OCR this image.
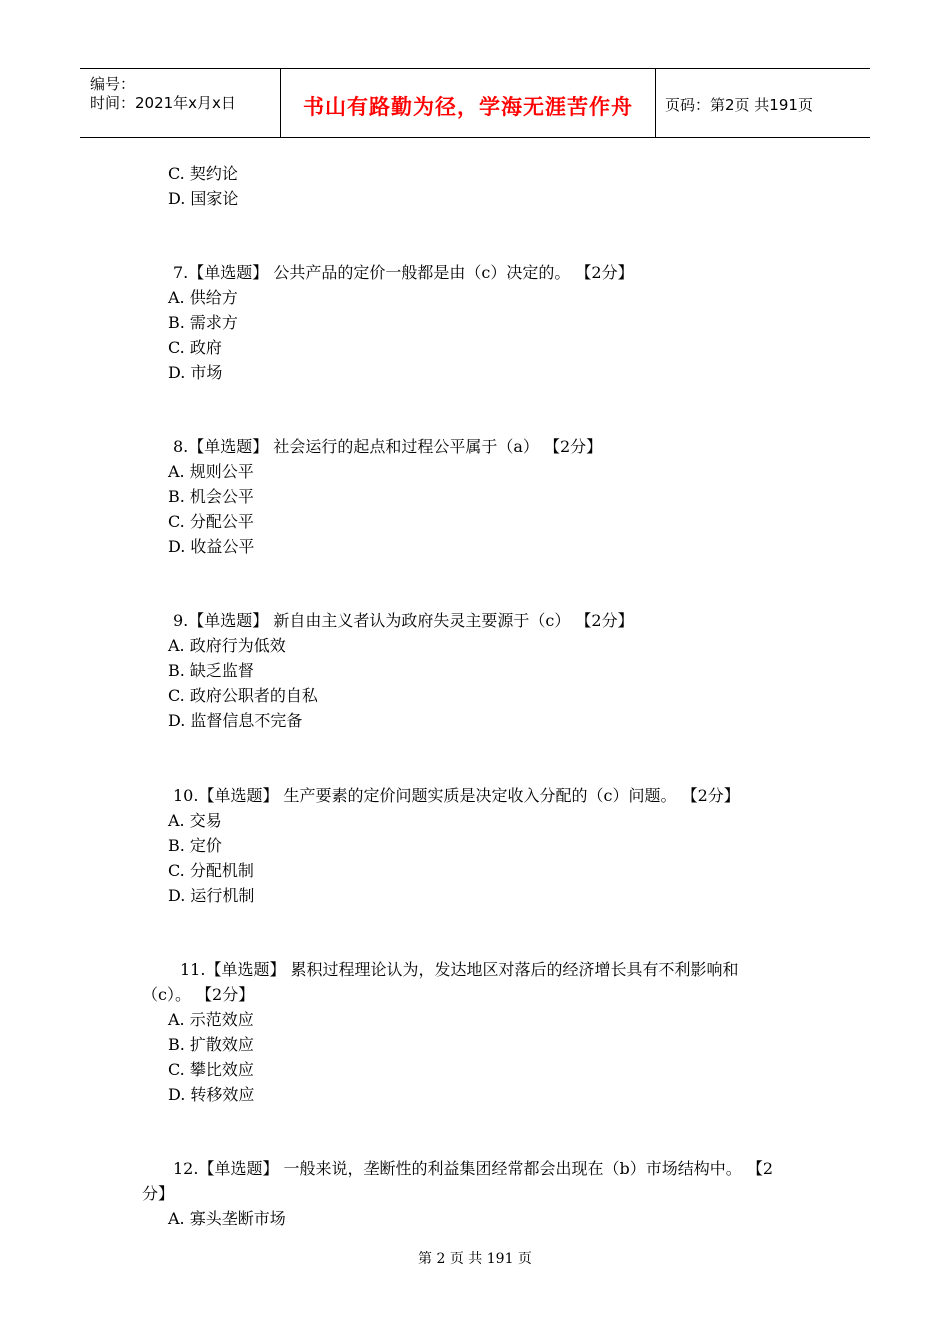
编号：
时间：2021年x月x日	书山有路勤为径，学海无涯苦作舟	页码：第2页 共191页
C. 契约论
D. 国家论
7.【单选题】 公共产品的定价一般都是由（c）决定的。 【2分】
A. 供给方
B. 需求方
C. 政府
D. 市场
8.【单选题】 社会运行的起点和过程公平属于（a） 【2分】
A. 规则公平
B. 机会公平
C. 分配公平
D. 收益公平
9.【单选题】 新自由主义者认为政府失灵主要源于（c） 【2分】
A. 政府行为低效
B. 缺乏监督
C. 政府公职者的自私
D. 监督信息不完备
10.【单选题】 生产要素的定价问题实质是决定收入分配的（c）问题。 【2分】
A. 交易
B. 定价
C. 分配机制
D. 运行机制
11.【单选题】 累积过程理论认为，发达地区对落后的经济增长具有不利影响和
（c）。 【2分】
A. 示范效应
B. 扩散效应
C. 攀比效应
D. 转移效应
12.【单选题】 一般来说，垄断性的利益集团经常都会出现在（b）市场结构中。 【2
分】
A. 寡头垄断市场
第 2 页 共 191 页
